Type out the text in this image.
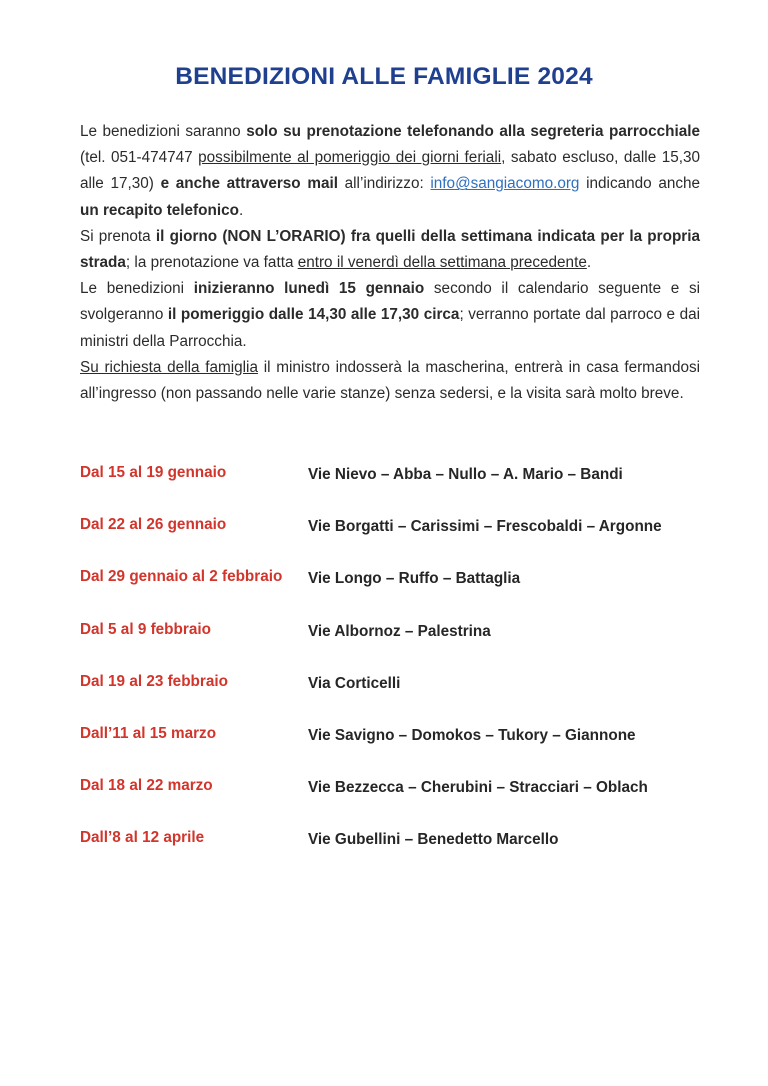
BENEDIZIONI ALLE FAMIGLIE 2024

Le benedizioni saranno solo su prenotazione telefonando alla segreteria parrocchiale (tel. 051-474747 possibilmente al pomeriggio dei giorni feriali, sabato escluso, dalle 15,30 alle 17,30) e anche attraverso mail all’indirizzo: info@sangiacomo.org indicando anche un recapito telefonico.

Si prenota il giorno (NON L’ORARIO) fra quelli della settimana indicata per la propria strada; la prenotazione va fatta entro il venerdì della settimana precedente.

Le benedizioni inizieranno lunedì 15 gennaio secondo il calendario seguente e si svolgeranno il pomeriggio dalle 14,30 alle 17,30 circa; verranno portate dal parroco e dai ministri della Parrocchia.

Su richiesta della famiglia il ministro indosserà la mascherina, entrerà in casa fermandosi all’ingresso (non passando nelle varie stanze) senza sedersi, e la visita sarà molto breve.

Dal 15 al 19 gennaio	Vie Nievo – Abba – Nullo – A. Mario – Bandi
Dal 22 al 26 gennaio	Vie Borgatti – Carissimi – Frescobaldi – Argonne
Dal 29 gennaio al 2 febbraio Vie Longo – Ruffo – Battaglia
Dal 5 al 9 febbraio	Vie Albornoz – Palestrina
Dal 19 al 23 febbraio	Via Corticelli
Dall’11 al 15 marzo	Vie Savigno – Domokos – Tukory – Giannone
Dal 18 al 22 marzo	Vie Bezzecca – Cherubini – Stracciari – Oblach
Dall’8 al 12 aprile	Vie Gubellini – Benedetto Marcello
